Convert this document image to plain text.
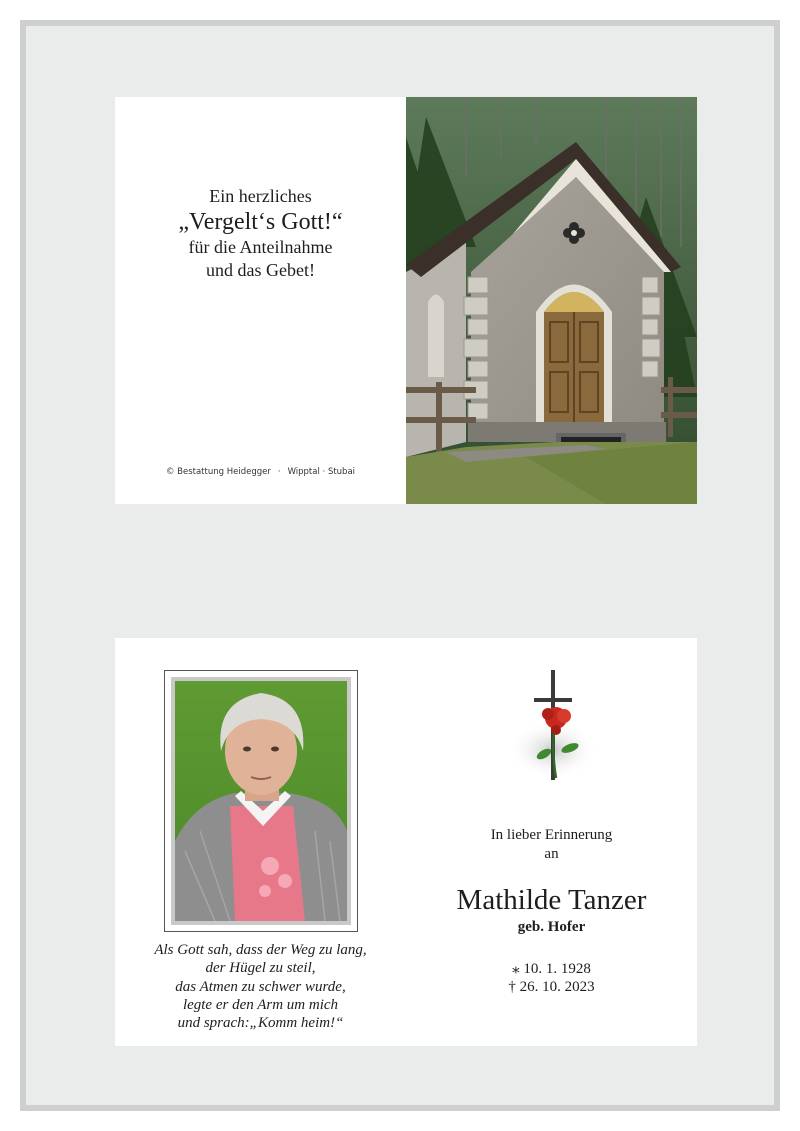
Ein herzliches
„Vergelt‘s Gott!“
für die Anteilnahme
und das Gebet!
© Bestattung Heidegger · Wipptal · Stubai
Als Gott sah, dass der Weg zu lang,
der Hügel zu steil,
das Atmen zu schwer wurde,
legte er den Arm um mich
und sprach:„Komm heim!“
In lieber Erinnerung
an
Mathilde Tanzer
geb. Hofer
⁎ 10. 1. 1928
† 26. 10. 2023
